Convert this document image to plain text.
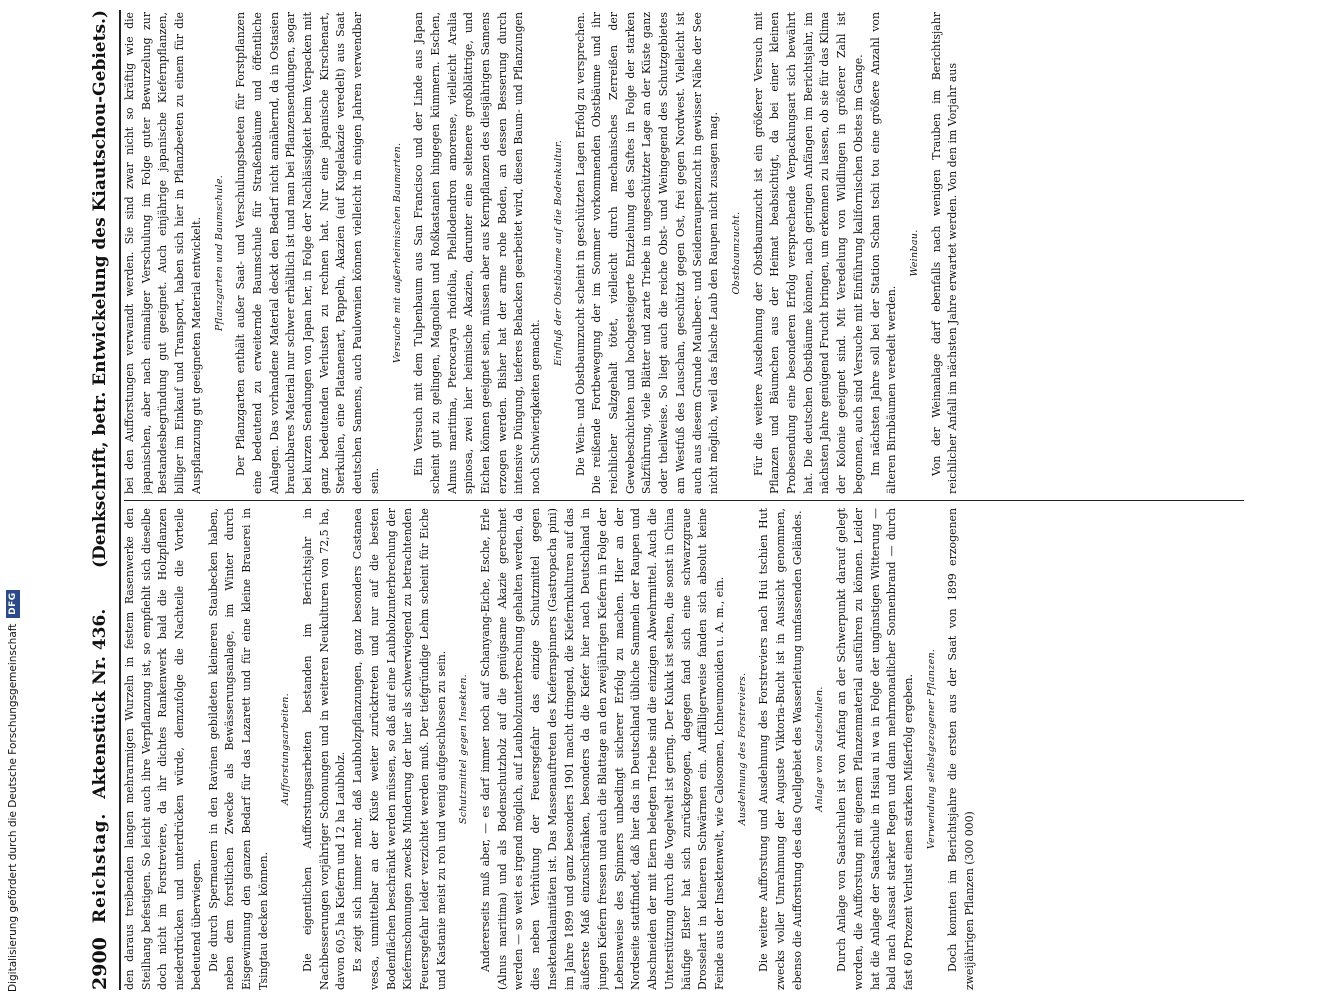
2900
Reichstag.
Aktenstück Nr. 436.
(Denkschrift, betr. Entwickelung des Kiautschou-Gebiets.)

den daraus treibenden langen mehrarmigen Wurzeln in festem Rasenwerke den Steilhang befestigen. So leicht auch ihre Verpflanzung ist, so empfiehlt sich dieselbe doch nicht im Forstreviere, da ihr dichtes Rankenwerk bald die Holzpflanzen niederdrücken und unterdrücken würde, demzufolge die Nachteile die Vorteile bedeutend überwiegen. Die durch Spermauern in den Ravinen gebildeten kleineren Staubecken haben, neben dem forstlichen Zwecke als Bewässerungsanlage, im Winter durch Eisgewinnung den ganzen Bedarf für das Lazarett und für eine kleine Brauerei in Tsingtau decken können.

Aufforstungsarbeiten. Die eigentlichen Aufforstungsarbeiten bestanden im Berichtsjahr in Nachbesserungen vorjähriger Schonungen und in weiteren Neukulturen von 72,5 ha, davon 60,5 ha Kiefern und 12 ha Laubholz. Es zeigt sich immer mehr, daß Laubholzpflanzungen, ganz besonders Castanea vesca, unmittelbar an der Küste weiter zurücktreten und nur auf die besten Bodenflächen beschränkt werden müssen, so daß auf eine Laubholzunterbrechung der Kiefernschonungen zwecks Minderung der hier als schwerwiegend zu betrachtenden Feuersgefahr leider verzichtet werden muß. Der tiefgründige Lehm scheint für Eiche und Kastanie meist zu roh und wenig aufgeschlossen zu sein. Schutzmittel gegen Insekten. Andererseits muß aber, — es darf immer noch auf Schanyang-Eiche, Esche, Erle (Alnus maritima) und als Bodenschutzholz auf die genügsame Akazie gerechnet werden — so weit es irgend möglich, auf Laubholzunterbrechung gehalten werden, da dies neben Verhütung der Feuersgefahr das einzige Schutzmittel gegen Insektenkalamitäten ist. Das Massenauftreten des Kiefernspinners (Gastropacha pini) im Jahre 1899 und ganz besonders 1901 macht dringend, die Kiefernkulturen auf das äußerste Maß einzuschränken, besonders da die Kiefer hier nach Deutschland in jungen Kiefern fressen und auch die Blattage an den zweijährigen Kiefern in Folge der Lebensweise des Spinners unbedingt sicherer Erfolg zu machen. Hier an der Nordseite stattfindet, daß hier das in Deutschland übliche Sammeln der Raupen und Abschneiden der mit Eiern belegten Triebe sind die einzigen Abwehrmittel. Auch die Unterstützung durch die Vogelwelt ist gering. Der Kukuk ist selten, die sonst in China häufige Elster hat sich zurückgezogen, dagegen fand sich eine schwarzgraue Drosselart in kleineren Schwärmen ein. Auffälligerweise fanden sich absolut keine Feinde aus der Insektenwelt, wie Calosomen, Ichneumoniden u. A. m., ein. Ausdehnung des Forstreviers. Die weitere Aufforstung und Ausdehnung des Forstreviers nach Hui tschien Hut zwecks voller Umrahmung der Auguste Viktoria-Bucht ist in Aussicht genommen, ebenso die Aufforstung des das Quellgebiet des Wasserleitung umfassenden Geländes. Anlage von Saatschulen. Durch Anlage von Saatschulen ist von Anfang an der Schwerpunkt darauf gelegt worden, die Aufforstung mit eigenem Pflanzenmaterial ausführen zu können. Leider hat die Anlage der Saatschule in Hsiau ni wa in Folge der ungünstigen Witterung — bald nach Aussaat starker Regen und dann mehrmonatlicher Sonnenbrand — durch fast 60 Prozent Verlust einen starken Mißerfolg ergeben. Verwendung selbstgezogener Pflanzen. Doch konnten im Berichtsjahre die ersten aus der Saat von 1899 erzogenen zweijährigen Pflanzen (300 000)

bei den Aufforstungen verwandt werden. Sie sind zwar nicht so kräftig wie die japanischen, aber nach einmaliger Verschulung im Folge guter Bewurzelung zur Bestandesbegründung gut geeignet. Auch einjährige japanische Kiefernpflanzen, billiger im Einkauf und Transport, haben sich hier in Pflanzbeeten zu einem für die Auspflanzung gut geeigneten Material entwickelt. Pflanzgarten und Baumschule. Der Pflanzgarten enthält außer Saat- und Verschulungsbeeten für Forstpflanzen eine bedeutend zu erweiternde Baumschule für Straßenbäume und öffentliche Anlagen. Das vorhandene Material deckt den Bedarf nicht annähernd, da in Ostasien brauchbares Material nur schwer erhältlich ist und man bei Pflanzensendungen, sogar bei kurzen Sendungen von Japan her, in Folge der Nachlässigkeit beim Verpacken mit ganz bedeutenden Verlusten zu rechnen hat. Nur eine japanische Kirschenart, Sterkulien, eine Platanenart, Pappeln, Akazien (auf Kugelakazie veredelt) aus Saat deutschen Samens, auch Paulownien können vielleicht in einigen Jahren verwendbar sein.

Versuche mit außerheimischen Baumarten. Ein Versuch mit dem Tulpenbaum aus San Francisco und der Linde aus Japan scheint gut zu gelingen, Magnolien und Roßkastanien hingegen kümmern. Eschen, Almus maritima, Pterocarya rhoifolia, Phellodendron amorense, vielleicht Aralia spinosa, zwei hier heimische Akazien, darunter eine seltenere großblättrige, und Eichen können geeignet sein, müssen aber aus Kernpflanzen des diesjährigen Samens erzogen werden. Bisher hat der arme rohe Boden, an dessen Besserung durch intensive Düngung, tieferes Behacken gearbeitet wird, diesen Baum- und Pflanzungen noch Schwierigkeiten gemacht.

Einfluß der Obstbäume auf die Bodenkultur. Die Wein- und Obstbaumzucht scheint in geschützten Lagen Erfolg zu versprechen. Die reißende Fortbewegung der im Sommer vorkommenden Obstbäume und ihr reichlicher Salzgehalt tötet, vielleicht durch mechanisches Zerreißen der Gewebeschichten und hochgesteigerte Entziehung des Saftes in Folge der starken Salzführung, viele Blätter und zarte Triebe in ungeschützter Lage an der Küste ganz oder theilweise. So liegt auch die reiche Obst- und Weingegend des Schutzgebietes am Westfuß des Lauschan, geschützt gegen Ost, frei gegen Nordwest. Vielleicht ist auch aus diesem Grunde Maulbeer- und Seidenraupenzucht in gewisser Nähe der See nicht möglich, weil das falsche Laub den Raupen nicht zusagen mag. Obstbaumzucht. Für die weitere Ausdehnung der Obstbaumzucht ist ein größerer Versuch mit Pflanzen und Bäumchen aus der Heimat beabsichtigt, da bei einer kleinen Probesendung eine besonderen Erfolg versprechende Verpackungsart sich bewährt hat. Die deutschen Obstbäume können, nach geringen Anfängen im Berichtsjahr, im nächsten Jahre genügend Frucht bringen, um erkennen zu lassen, ob sie für das Klima der Kolonie geeignet sind. Mit Veredelung von Wildlingen in größerer Zahl ist begonnen, auch sind Versuche mit Einführung kalifornischen Obstes im Gange. Im nächsten Jahre soll bei der Station Schan tschi tou eine größere Anzahl von älteren Birnbäumen veredelt werden.

Weinbau. Von der Weinanlage darf ebenfalls nach wenigen Trauben im Berichtsjahr reichlicher Anfall im nächsten Jahre erwartet werden. Von den im Vorjahr aus

Digitalisierung gefördert durch die Deutsche Forschungsgemeinschaft
DFG
